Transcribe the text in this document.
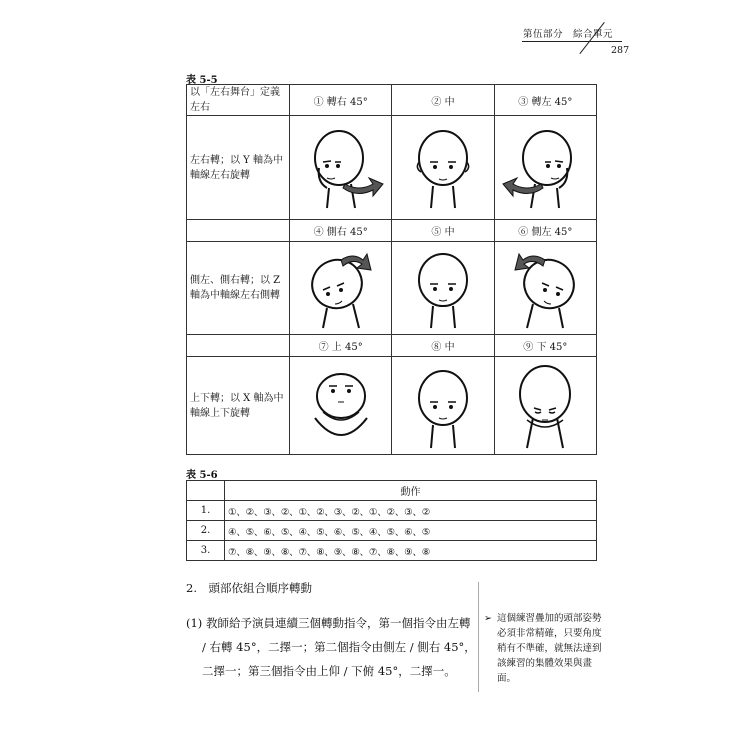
第伍部分　綜合單元
287
表 5-5
以「左右舞台」定義左右	① 轉右 45°	② 中	③ 轉左 45°
左右轉；以 Y 軸為中軸線左右旋轉	

	④ 側右 45°	⑤ 中	⑥ 側左 45°
側左、側右轉；以 Z 軸為中軸線左右側轉	

	⑦ 上 45°	⑧ 中	⑨ 下 45°
上下轉；以 X 軸為中軸線上下旋轉	

表 5-6
	動作
1.	①、②、③、②、①、②、③、②、①、②、③、②
2.	④、⑤、⑥、⑤、④、⑤、⑥、⑤、④、⑤、⑥、⑤
3.	⑦、⑧、⑨、⑧、⑦、⑧、⑨、⑧、⑦、⑧、⑨、⑧
2.　頭部依組合順序轉動
(1) 教師給予演員連續三個轉動指令，第一個指令由左轉
/ 右轉 45°，二擇一；第二個指令由側左 / 側右 45°，
二擇一；第三個指令由上仰 / 下俯 45°，二擇一。
➢ 這個練習疊加的頭部姿勢必須非常精確，只要角度稍有不準確，就無法達到該練習的集體效果與畫面。
